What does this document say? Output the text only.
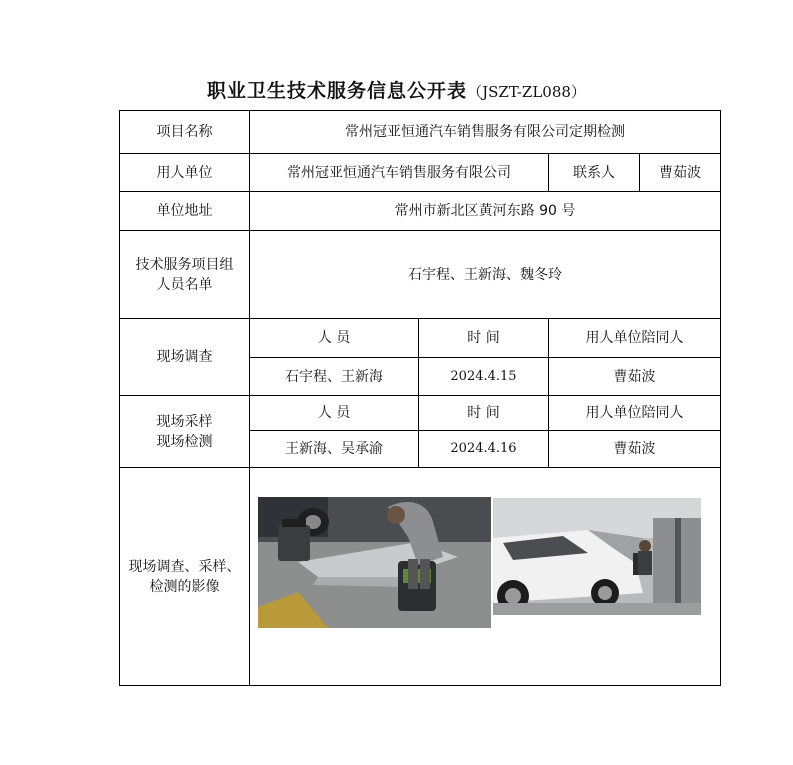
职业卫生技术服务信息公开表（JSZT-ZL088）
项目名称	常州冠亚恒通汽车销售服务有限公司定期检测			
用人单位	常州冠亚恒通汽车销售服务有限公司		联系人	曹茹波
单位地址	常州市新北区黄河东路 90 号			

技术服务项目组
人员名单	石宇程、王新海、魏冬玲			
现场调查	人 员	时 间	用人单位陪同人	
	石宇程、王新海	2024.4.15	曹茹波	

现场采样
现场检测	人 员	时 间	用人单位陪同人	
	王新海、吴承渝	2024.4.16	曹茹波	

现场调查、采样、
检测的影像
